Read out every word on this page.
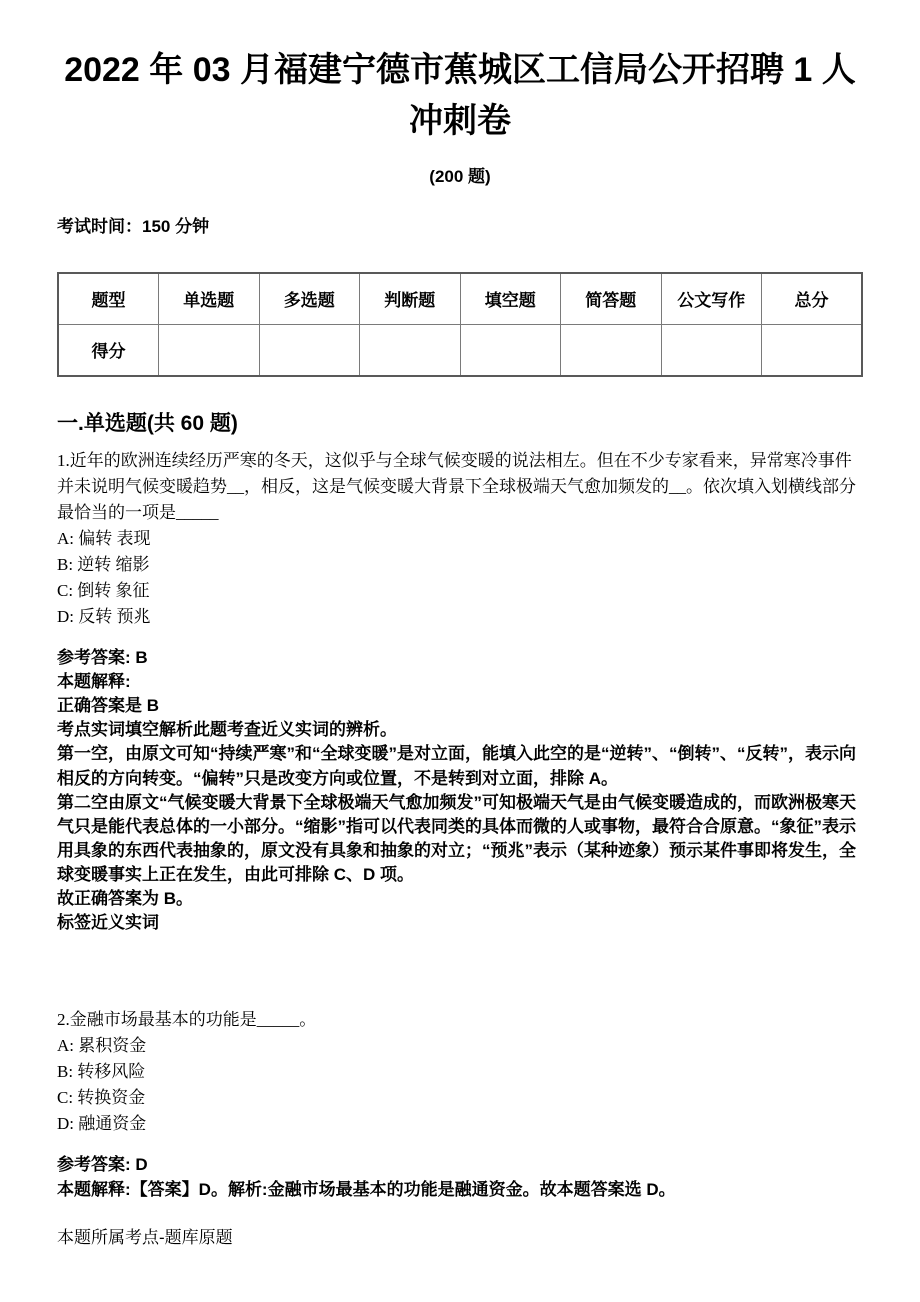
2022 年 03 月福建宁德市蕉城区工信局公开招聘 1 人
冲刺卷
(200 题)
考试时间：150 分钟
题型	单选题	多选题	判断题	填空题	简答题	公文写作	总分
得分							
一.单选题(共 60 题)
1.近年的欧洲连续经历严寒的冬天，这似乎与全球气候变暖的说法相左。但在不少专家看来，异常寒冷事件并未说明气候变暖趋势__，相反，这是气候变暖大背景下全球极端天气愈加频发的__。依次填入划横线部分最恰当的一项是_____
A: 偏转 表现
B: 逆转 缩影
C: 倒转 象征
D: 反转 预兆
参考答案: B
本题解释:
正确答案是 B
考点实词填空解析此题考查近义实词的辨析。
第一空，由原文可知“持续严寒”和“全球变暖”是对立面，能填入此空的是“逆转”、“倒转”、“反转”，表示向相反的方向转变。“偏转”只是改变方向或位置，不是转到对立面，排除 A。
第二空由原文“气候变暖大背景下全球极端天气愈加频发”可知极端天气是由气候变暖造成的，而欧洲极寒天气只是能代表总体的一小部分。“缩影”指可以代表同类的具体而微的人或事物，最符合合原意。“象征”表示用具象的东西代表抽象的，原文没有具象和抽象的对立；“预兆”表示（某种迹象）预示某件事即将发生，全球变暖事实上正在发生，由此可排除 C、D 项。
故正确答案为 B。
标签近义实词
2.金融市场最基本的功能是_____。
A: 累积资金
B: 转移风险
C: 转换资金
D: 融通资金
参考答案: D
本题解释:【答案】D。解析:金融市场最基本的功能是融通资金。故本题答案选 D。
本题所属考点-题库原题
